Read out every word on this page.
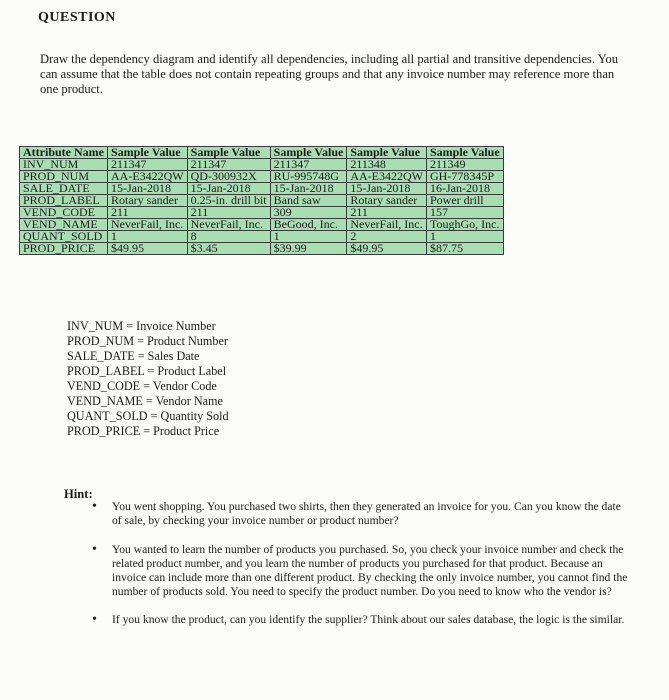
QUESTION
Draw the dependency diagram and identify all dependencies, including all partial and transitive dependencies. You can assume that the table does not contain repeating groups and that any invoice number may reference more than one product.
Attribute Name	Sample Value	Sample Value	Sample Value	Sample Value	Sample Value
INV_NUM	211347	211347	211347	211348	211349
PROD_NUM	AA-E3422QW	QD-300932X	RU-995748G	AA-E3422QW	GH-778345P
SALE_DATE	15-Jan-2018	15-Jan-2018	15-Jan-2018	15-Jan-2018	16-Jan-2018
PROD_LABEL	Rotary sander	0.25-in. drill bit	Band saw	Rotary sander	Power drill
VEND_CODE	211	211	309	211	157
VEND_NAME	NeverFail, Inc.	NeverFail, Inc.	BeGood, Inc.	NeverFail, Inc.	ToughGo, Inc.
QUANT_SOLD	1	8	1	2	1
PROD_PRICE	$49.95	$3.45	$39.99	$49.95	$87.75
INV_NUM = Invoice Number
PROD_NUM = Product Number
SALE_DATE = Sales Date
PROD_LABEL = Product Label
VEND_CODE = Vendor Code
VEND_NAME = Vendor Name
QUANT_SOLD = Quantity Sold
PROD_PRICE = Product Price
Hint:
• You went shopping. You purchased two shirts, then they generated an invoice for you. Can you know the date of sale, by checking your invoice number or product number?
• You wanted to learn the number of products you purchased. So, you check your invoice number and check the related product number, and you learn the number of products you purchased for that product. Because an invoice can include more than one different product. By checking the only invoice number, you cannot find the number of products sold. You need to specify the product number. Do you need to know who the vendor is?
• If you know the product, can you identify the supplier? Think about our sales database, the logic is the similar.
